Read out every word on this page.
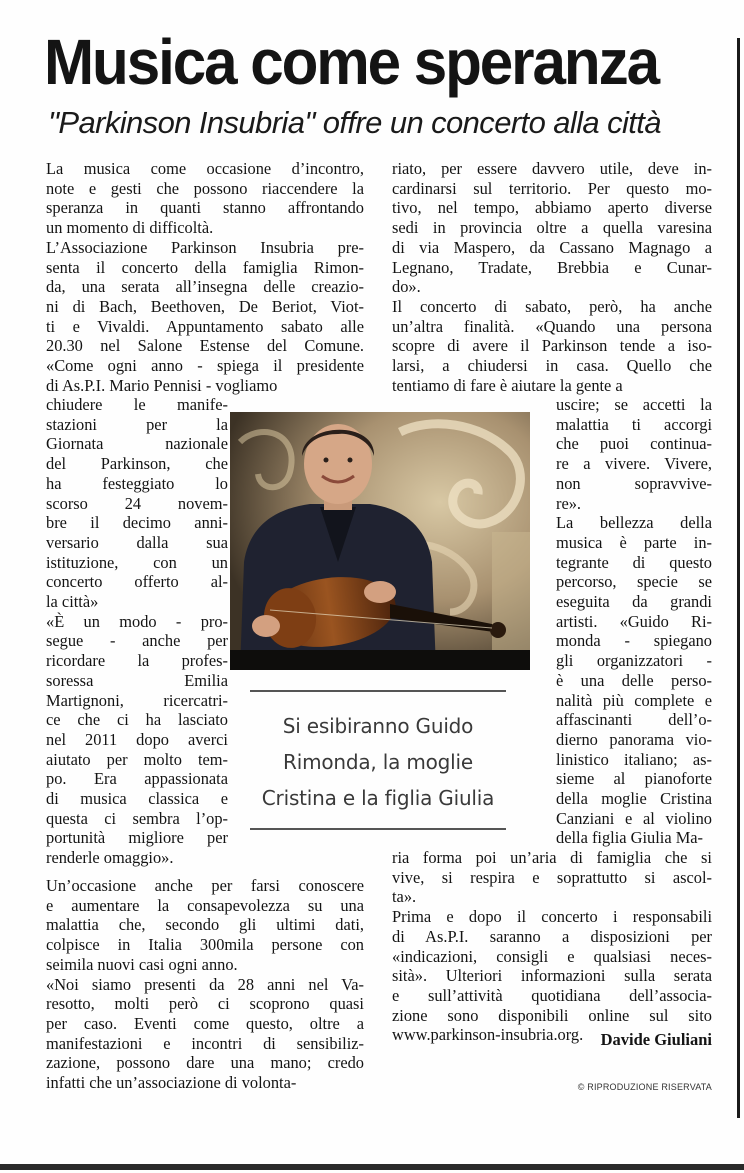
Musica come speranza
"Parkinson Insubria" offre un concerto alla città
La musica come occasione d’incontro,
note e gesti che possono riaccendere la
speranza in quanti stanno affrontando
un momento di difficoltà.
L’Associazione Parkinson Insubria pre-
senta il concerto della famiglia Rimon-
da, una serata all’insegna delle creazio-
ni di Bach, Beethoven, De Beriot, Viot-
ti e Vivaldi. Appuntamento sabato alle
20.30 nel Salone Estense del Comune.
«Come ogni anno - spiega il presidente
di As.P.I. Mario Pennisi - vogliamo
chiudere le manife-
stazioni per la
Giornata nazionale
del Parkinson, che
ha festeggiato lo
scorso 24 novem-
bre il decimo anni-
versario dalla sua
istituzione, con un
concerto offerto al-
la città»
«È un modo - pro-
segue - anche per
ricordare la profes-
soressa Emilia
Martignoni, ricercatri-
ce che ci ha lasciato
nel 2011 dopo averci
aiutato per molto tem-
po. Era appassionata
di musica classica e
questa ci sembra l’op-
portunità migliore per
renderle omaggio».
Un’occasione anche per farsi conoscere
e aumentare la consapevolezza su una
malattia che, secondo gli ultimi dati,
colpisce in Italia 300mila persone con
seimila nuovi casi ogni anno.
«Noi siamo presenti da 28 anni nel Va-
resotto, molti però ci scoprono quasi
per caso. Eventi come questo, oltre a
manifestazioni e incontri di sensibiliz-
zazione, possono dare una mano; credo
infatti che un’associazione di volonta-
riato, per essere davvero utile, deve in-
cardinarsi sul territorio. Per questo mo-
tivo, nel tempo, abbiamo aperto diverse
sedi in provincia oltre a quella varesina
di via Maspero, da Cassano Magnago a
Legnano, Tradate, Brebbia e Cunar-
do».
Il concerto di sabato, però, ha anche
un’altra finalità. «Quando una persona
scopre di avere il Parkinson tende a iso-
larsi, a chiudersi in casa. Quello che
tentiamo di fare è aiutare la gente a
uscire; se accetti la
malattia ti accorgi
che puoi continua-
re a vivere. Vivere,
non sopravvive-
re».
La bellezza della
musica è parte in-
tegrante di questo
percorso, specie se
eseguita da grandi
artisti. «Guido Ri-
monda - spiegano
gli organizzatori -
è una delle perso-
nalità più complete e
affascinanti dell’o-
dierno panorama vio-
linistico italiano; as-
sieme al pianoforte
della moglie Cristina
Canziani e al violino
della figlia Giulia Ma-
ria forma poi un’aria di famiglia che si
vive, si respira e soprattutto si ascol-
ta».
Prima e dopo il concerto i responsabili
di As.P.I. saranno a disposizioni per
«indicazioni, consigli e qualsiasi neces-
sità». Ulteriori informazioni sulla serata
e sull’attività quotidiana dell’associa-
zione sono disponibili online sul sito
www.parkinson-insubria.org.
Si esibiranno Guido
Rimonda, la moglie
Cristina e la figlia Giulia
Davide Giuliani
© RIPRODUZIONE RISERVATA
